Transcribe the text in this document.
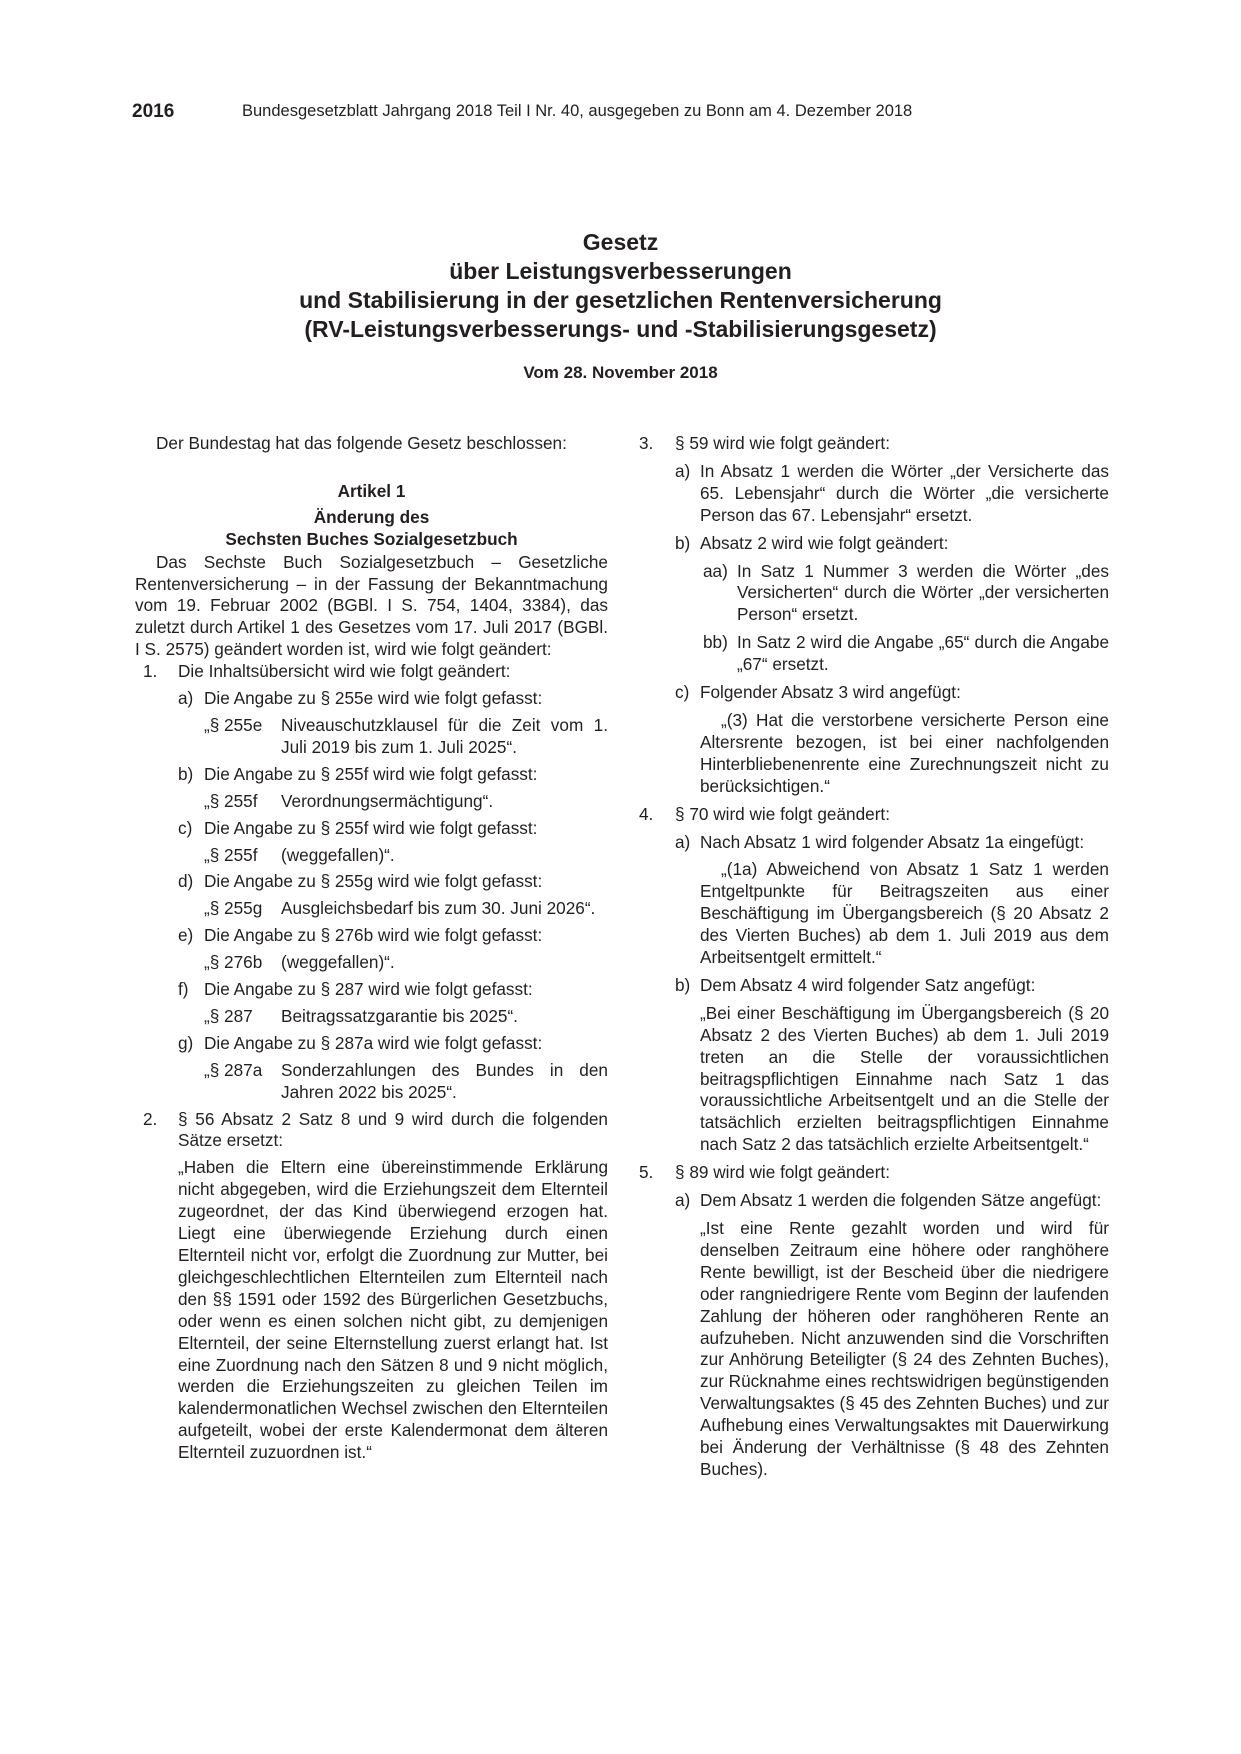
2016	Bundesgesetzblatt Jahrgang 2018 Teil I Nr. 40, ausgegeben zu Bonn am 4. Dezember 2018
Gesetz
über Leistungsverbesserungen
und Stabilisierung in der gesetzlichen Rentenversicherung
(RV-Leistungsverbesserungs- und -Stabilisierungsgesetz)
Vom 28. November 2018

Der Bundestag hat das folgende Gesetz beschlossen:

Artikel 1

Änderung des

Sechsten Buches Sozialgesetzbuch

Das Sechste Buch Sozialgesetzbuch – Gesetzliche Rentenversicherung – in der Fassung der Bekanntmachung vom 19. Februar 2002 (BGBl. I S. 754, 1404, 3384), das zuletzt durch Artikel 1 des Gesetzes vom 17. Juli 2017 (BGBl. I S. 2575) geändert worden ist, wird wie folgt geändert:

1. Die Inhaltsübersicht wird wie folgt geändert:
a) Die Angabe zu § 255e wird wie folgt gefasst:
„§ 255e	Niveauschutzklausel für die Zeit vom 1. Juli 2019 bis zum 1. Juli 2025“.
b) Die Angabe zu § 255f wird wie folgt gefasst:
„§ 255f	Verordnungsermächtigung“.
c) Die Angabe zu § 255f wird wie folgt gefasst:
„§ 255f	(weggefallen)“.
d) Die Angabe zu § 255g wird wie folgt gefasst:
„§ 255g	Ausgleichsbedarf bis zum 30. Juni 2026“.
e) Die Angabe zu § 276b wird wie folgt gefasst:
„§ 276b	(weggefallen)“.
f) Die Angabe zu § 287 wird wie folgt gefasst:
„§ 287	Beitragssatzgarantie bis 2025“.
g) Die Angabe zu § 287a wird wie folgt gefasst:
„§ 287a	Sonderzahlungen des Bundes in den Jahren 2022 bis 2025“.
2. § 56 Absatz 2 Satz 8 und 9 wird durch die folgenden Sätze ersetzt:

„Haben die Eltern eine übereinstimmende Erklärung nicht abgegeben, wird die Erziehungszeit dem Elternteil zugeordnet, der das Kind überwiegend erzogen hat. Liegt eine überwiegende Erziehung durch einen Elternteil nicht vor, erfolgt die Zuordnung zur Mutter, bei gleichgeschlechtlichen Elternteilen zum Elternteil nach den §§ 1591 oder 1592 des Bürgerlichen Gesetzbuchs, oder wenn es einen solchen nicht gibt, zu demjenigen Elternteil, der seine Elternstellung zuerst erlangt hat. Ist eine Zuordnung nach den Sätzen 8 und 9 nicht möglich, werden die Erziehungszeiten zu gleichen Teilen im kalendermonatlichen Wechsel zwischen den Elternteilen aufgeteilt, wobei der erste Kalendermonat dem älteren Elternteil zuzuordnen ist.“

3. § 59 wird wie folgt geändert:
a) In Absatz 1 werden die Wörter „der Versicherte das 65. Lebensjahr“ durch die Wörter „die versicherte Person das 67. Lebensjahr“ ersetzt.
b) Absatz 2 wird wie folgt geändert:
aa) In Satz 1 Nummer 3 werden die Wörter „des Versicherten“ durch die Wörter „der versicherten Person“ ersetzt.
bb) In Satz 2 wird die Angabe „65“ durch die Angabe „67“ ersetzt.
c) Folgender Absatz 3 wird angefügt:

„(3) Hat die verstorbene versicherte Person eine Altersrente bezogen, ist bei einer nachfolgenden Hinterbliebenenrente eine Zurechnungszeit nicht zu berücksichtigen.“

4. § 70 wird wie folgt geändert:
a) Nach Absatz 1 wird folgender Absatz 1a eingefügt:

„(1a) Abweichend von Absatz 1 Satz 1 werden Entgeltpunkte für Beitragszeiten aus einer Beschäftigung im Übergangsbereich (§ 20 Absatz 2 des Vierten Buches) ab dem 1. Juli 2019 aus dem Arbeitsentgelt ermittelt.“

b) Dem Absatz 4 wird folgender Satz angefügt:

„Bei einer Beschäftigung im Übergangsbereich (§ 20 Absatz 2 des Vierten Buches) ab dem 1. Juli 2019 treten an die Stelle der voraussichtlichen beitragspflichtigen Einnahme nach Satz 1 das voraussichtliche Arbeitsentgelt und an die Stelle der tatsächlich erzielten beitragspflichtigen Einnahme nach Satz 2 das tatsächlich erzielte Arbeitsentgelt.“

5. § 89 wird wie folgt geändert:
a) Dem Absatz 1 werden die folgenden Sätze angefügt:

„Ist eine Rente gezahlt worden und wird für denselben Zeitraum eine höhere oder ranghöhere Rente bewilligt, ist der Bescheid über die niedrigere oder rangniedrigere Rente vom Beginn der laufenden Zahlung der höheren oder ranghöheren Rente an aufzuheben. Nicht anzuwenden sind die Vorschriften zur Anhörung Beteiligter (§ 24 des Zehnten Buches), zur Rücknahme eines rechtswidrigen begünstigenden Verwaltungsaktes (§ 45 des Zehnten Buches) und zur Aufhebung eines Verwaltungsaktes mit Dauerwirkung bei Änderung der Verhältnisse (§ 48 des Zehnten Buches).
